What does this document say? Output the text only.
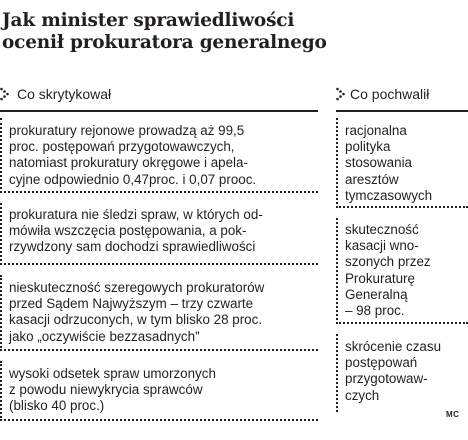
Jak minister sprawiedliwości
ocenił prokuratora generalnego
Co skrytykował
prokuratury rejonowe prowadzą aż 99,5
proc. postępowań przygotowawczych,
natomiast prokuratury okręgowe i apela-
cyjne odpowiednio 0,47proc. i 0,07 prooc.
prokuratura nie śledzi spraw, w których od-
mówiła wszczęcia postępowania, a pok-
rzywdzony sam dochodzi sprawiedliwości
nieskuteczność szeregowych prokuratorów
przed Sądem Najwyższym – trzy czwarte
kasacji odrzuconych, w tym blisko 28 proc.
jako „oczywiście bezzasadnych”
wysoki odsetek spraw umorzonych
z powodu niewykrycia sprawców
(blisko 40 proc.)
Co pochwalił
racjonalna
polityka
stosowania
aresztów
tymczasowych
skuteczność
kasacji wno-
szonych przez
Prokuraturę
Generalną
– 98 proc.
skrócenie czasu
postępowań
przygotowaw-
czych
MC
